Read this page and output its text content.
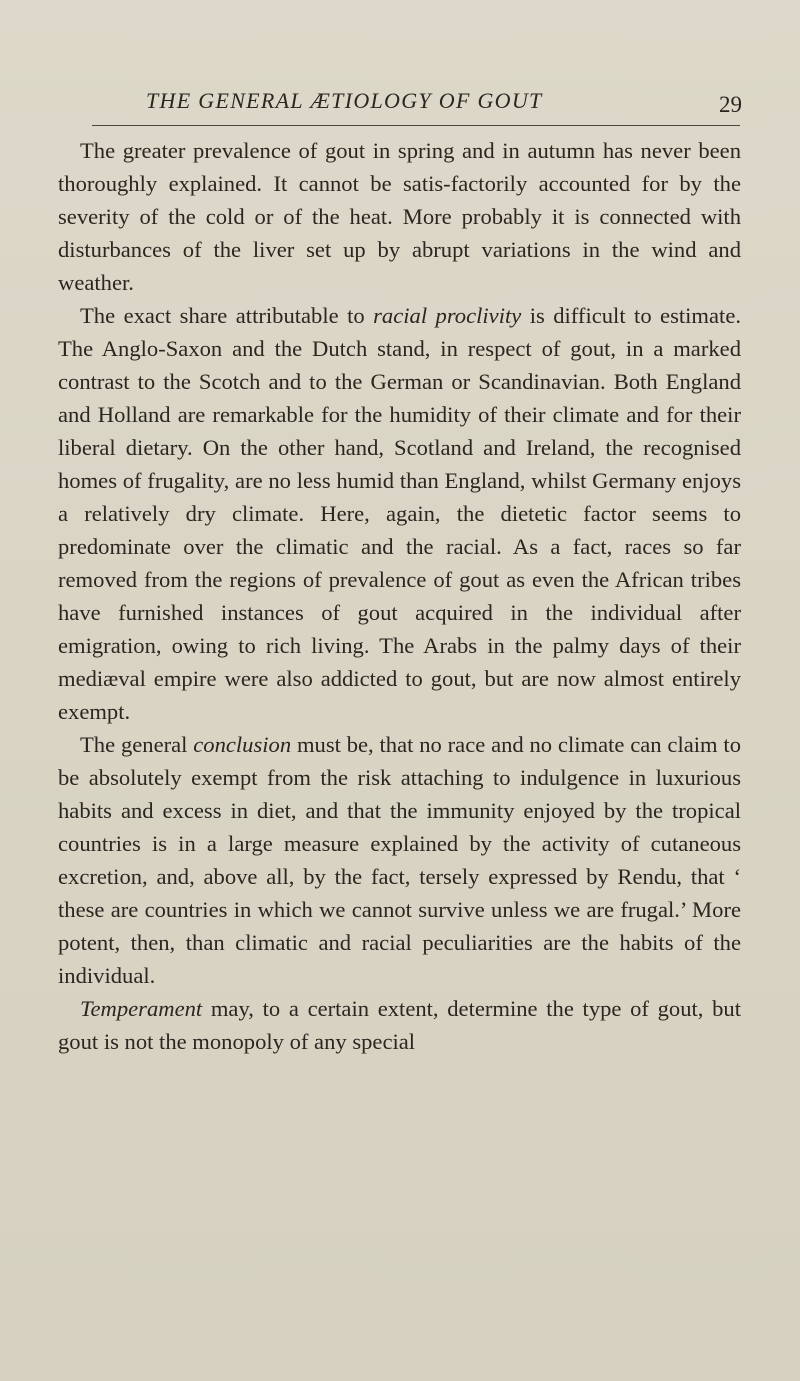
THE GENERAL ÆTIOLOGY OF GOUT	29

The greater prevalence of gout in spring and in autumn has never been thoroughly explained. It cannot be satis-factorily accounted for by the severity of the cold or of the heat. More probably it is connected with disturbances of the liver set up by abrupt variations in the wind and weather.

The exact share attributable to racial proclivity is difficult to estimate. The Anglo-Saxon and the Dutch stand, in respect of gout, in a marked contrast to the Scotch and to the German or Scandinavian. Both England and Holland are remarkable for the humidity of their climate and for their liberal dietary. On the other hand, Scotland and Ireland, the recognised homes of frugality, are no less humid than England, whilst Germany enjoys a relatively dry climate. Here, again, the dietetic factor seems to predominate over the climatic and the racial. As a fact, races so far removed from the regions of prevalence of gout as even the African tribes have furnished instances of gout acquired in the individual after emigration, owing to rich living. The Arabs in the palmy days of their mediæval empire were also addicted to gout, but are now almost entirely exempt.

The general conclusion must be, that no race and no climate can claim to be absolutely exempt from the risk attaching to indulgence in luxurious habits and excess in diet, and that the immunity enjoyed by the tropical countries is in a large measure explained by the activity of cutaneous excretion, and, above all, by the fact, tersely expressed by Rendu, that ‘ these are countries in which we cannot survive unless we are frugal.’ More potent, then, than climatic and racial peculiarities are the habits of the individual.

Temperament may, to a certain extent, determine the type of gout, but gout is not the monopoly of any special
